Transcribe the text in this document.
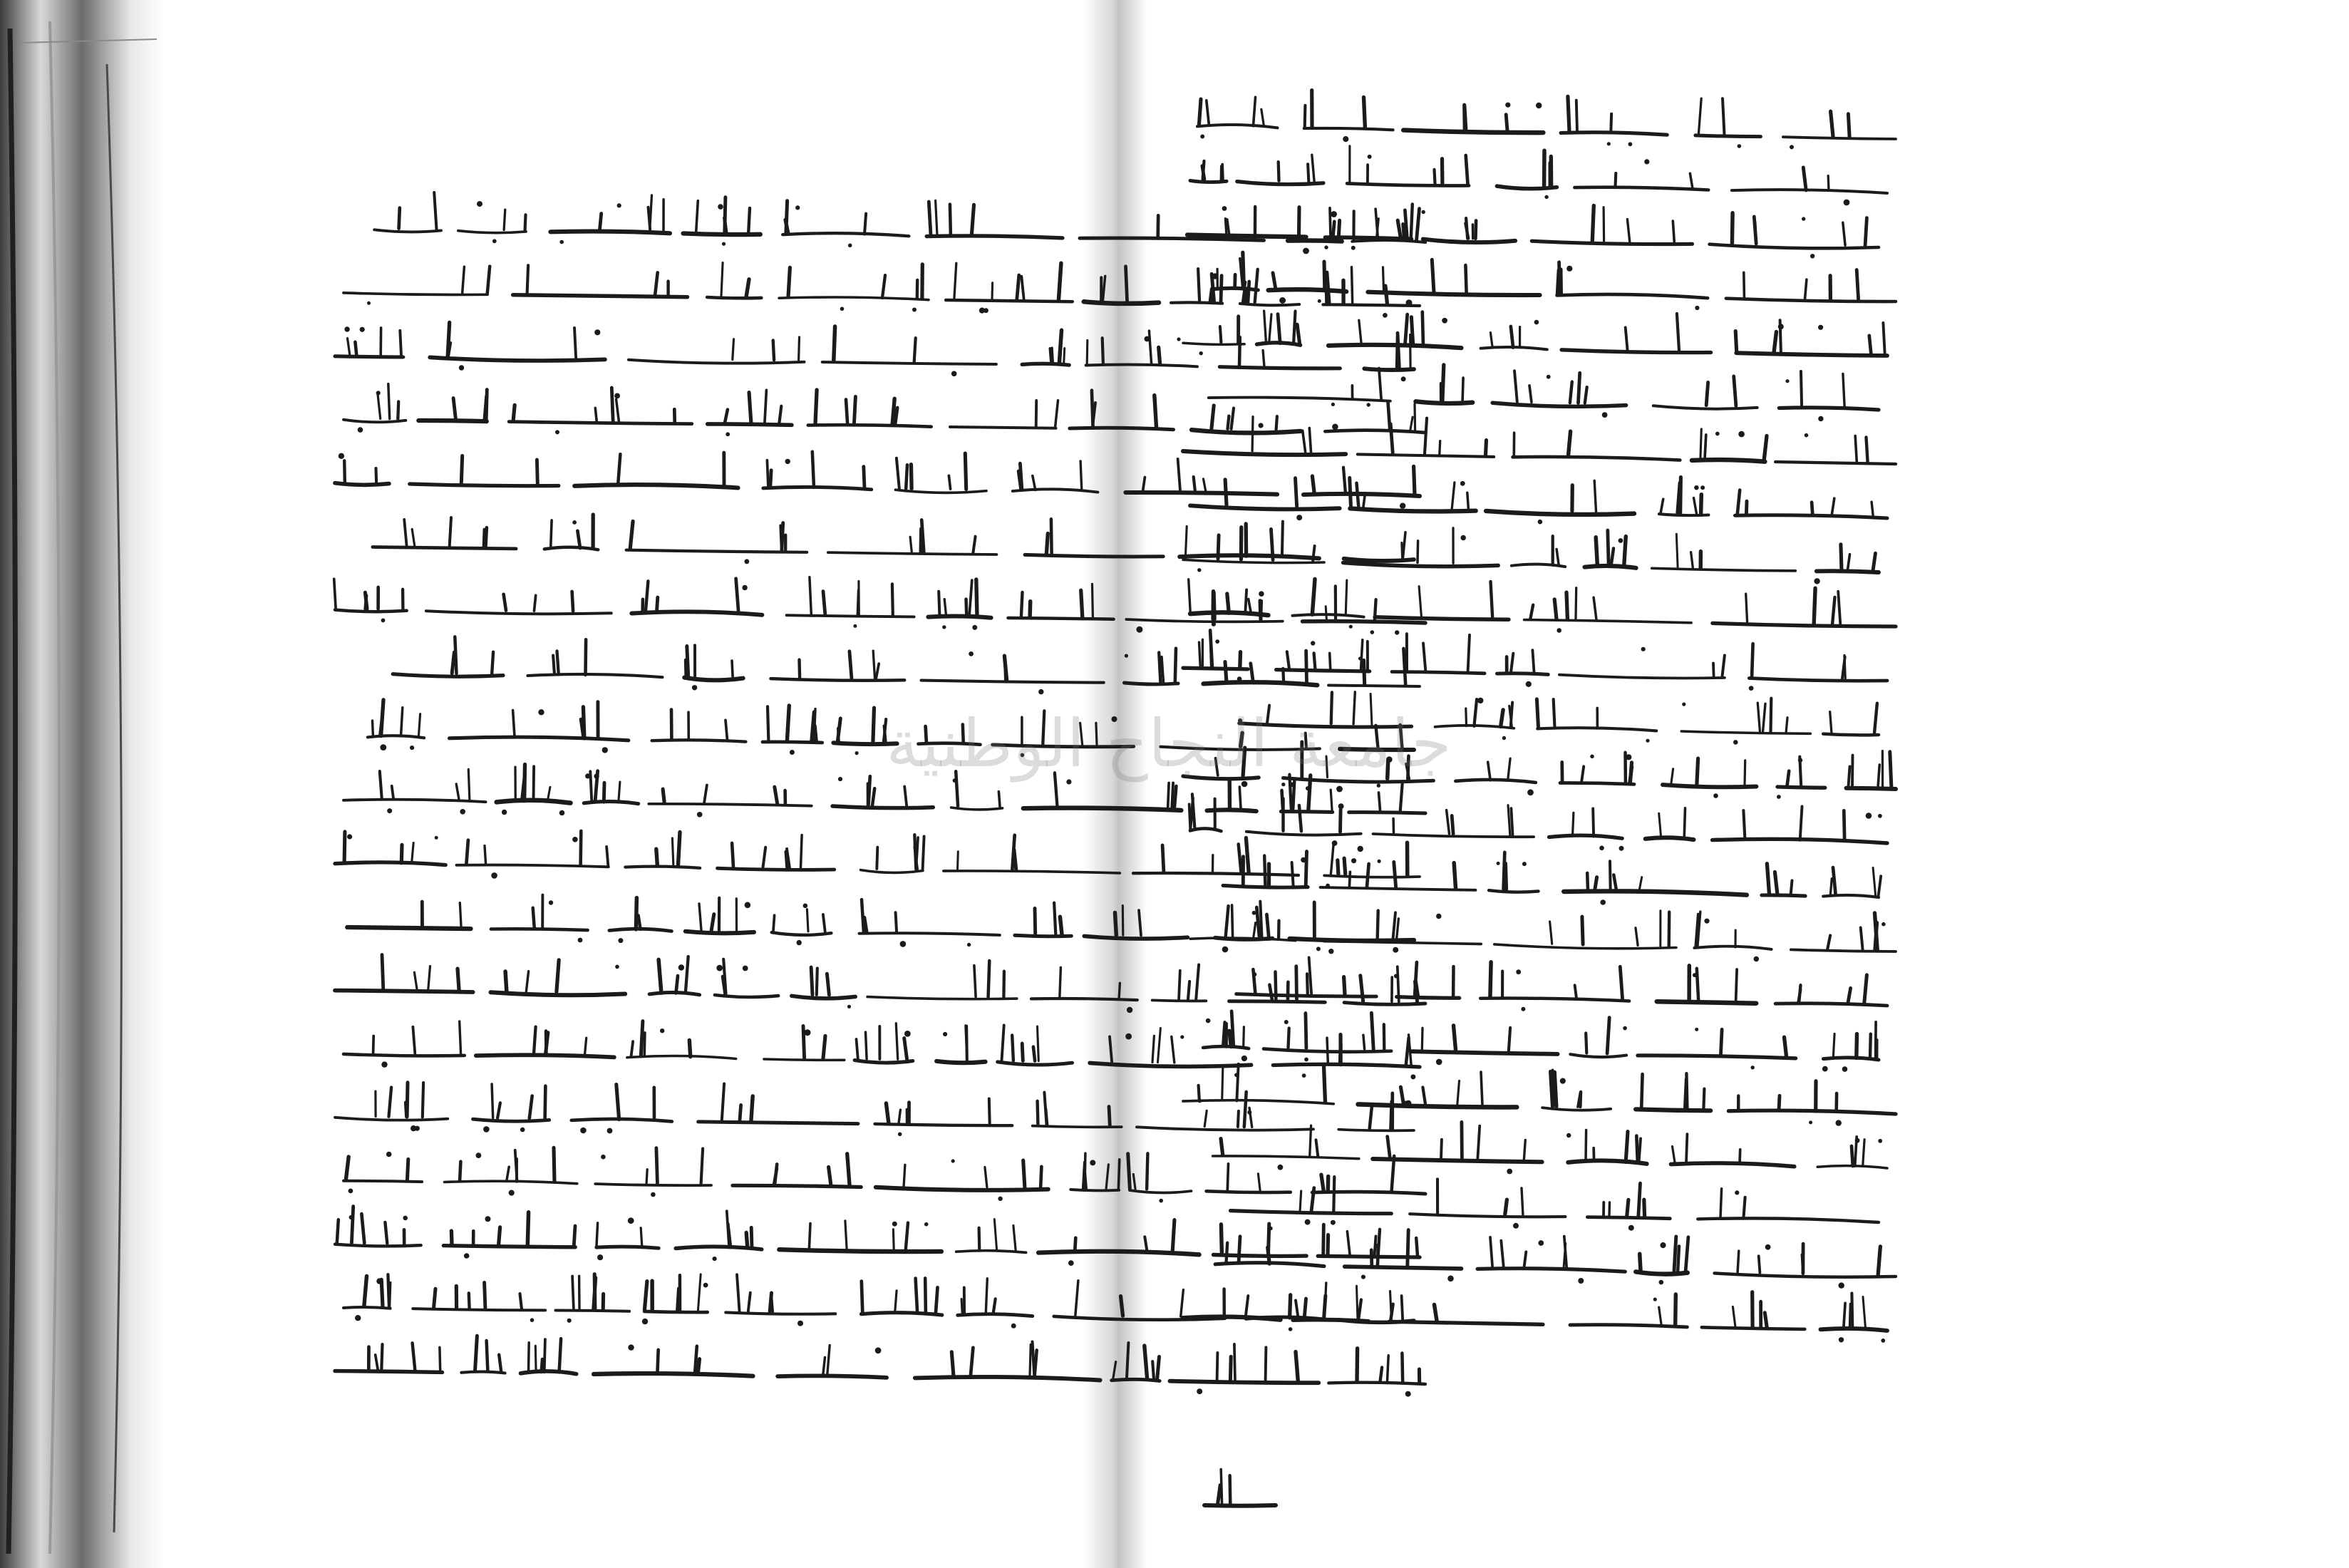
جامعة النجاح الوطنية
